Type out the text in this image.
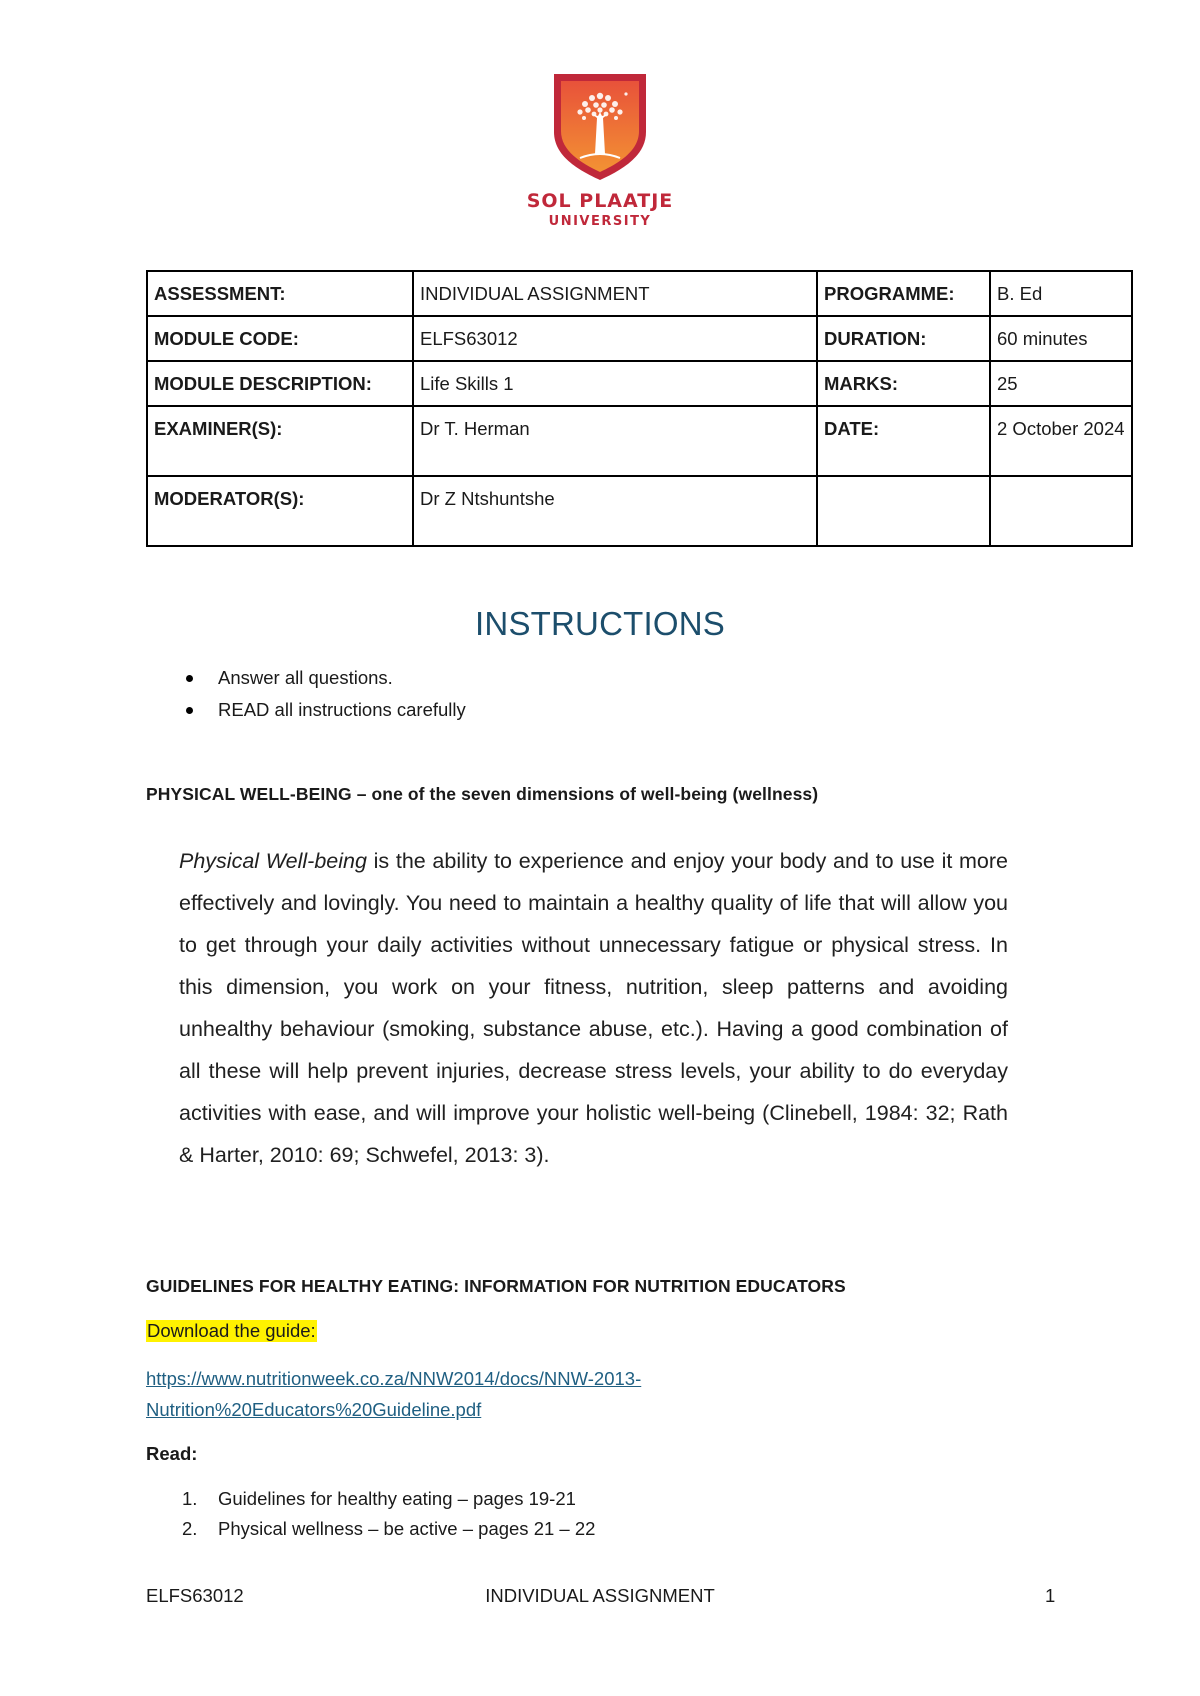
SOL PLAATJE
UNIVERSITY
ASSESSMENT:	INDIVIDUAL ASSIGNMENT	PROGRAMME:	B. Ed
MODULE CODE:	ELFS63012	DURATION:	60 minutes
MODULE DESCRIPTION:	Life Skills 1	MARKS:	25
EXAMINER(S):	Dr T. Herman	DATE:	2 October 2024
MODERATOR(S):	Dr Z Ntshuntshe		
INSTRUCTIONS
Answer all questions.
READ all instructions carefully
PHYSICAL WELL-BEING – one of the seven dimensions of well-being (wellness)

Physical Well-being is the ability to experience and enjoy your body and to use it more effectively and lovingly. You need to maintain a healthy quality of life that will allow you to get through your daily activities without unnecessary fatigue or physical stress. In this dimension, you work on your fitness, nutrition, sleep patterns and avoiding unhealthy behaviour (smoking, substance abuse, etc.). Having a good combination of all these will help prevent injuries, decrease stress levels, your ability to do everyday activities with ease, and will improve your holistic well-being (Clinebell, 1984: 32; Rath & Harter, 2010: 69; Schwefel, 2013: 3).

GUIDELINES FOR HEALTHY EATING: INFORMATION FOR NUTRITION EDUCATORS
Download the guide:
https://www.nutritionweek.co.za/NNW2014/docs/NNW-2013-
Nutrition%20Educators%20Guideline.pdf
Read:
1. Guidelines for healthy eating – pages 19-21
2. Physical wellness – be active – pages 21 – 22
ELFS63012	INDIVIDUAL ASSIGNMENT	1
